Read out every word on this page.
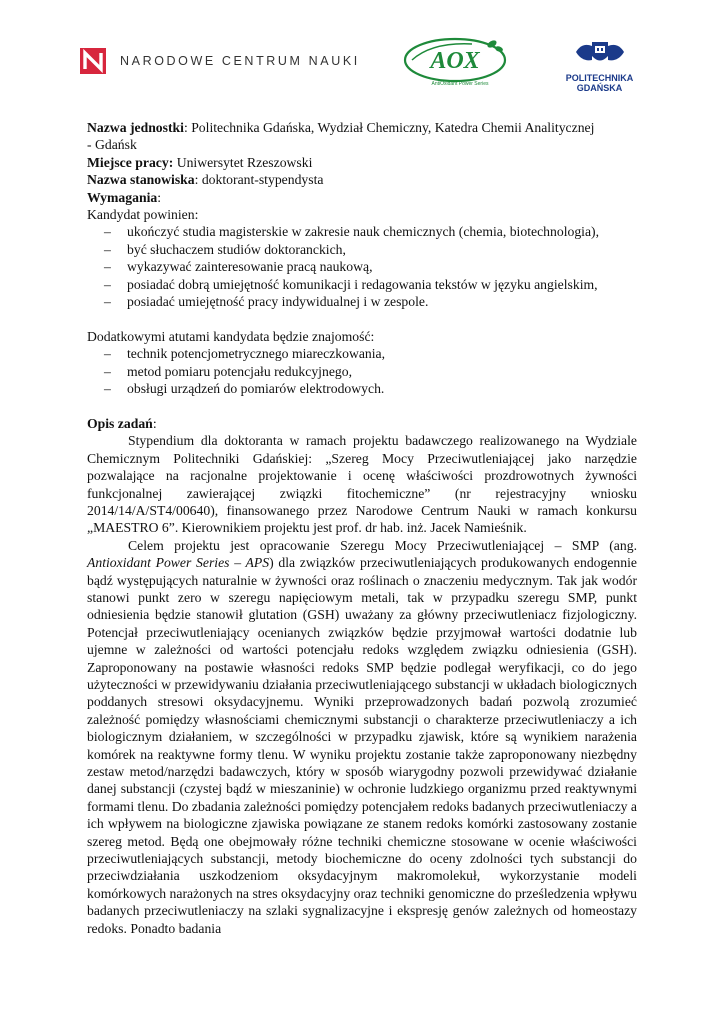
NARODOWE CENTRUM NAUKI	AOX
AntiOxidant Power Series
POLITECHNIKA
GDAŃSKA

Nazwa jednostki: Politechnika Gdańska, Wydział Chemiczny, Katedra Chemii Analitycznej

- Gdańsk

Miejsce pracy: Uniwersytet Rzeszowski

Nazwa stanowiska: doktorant-stypendysta

Wymagania:

Kandydat powinien:

– ukończyć studia magisterskie w zakresie nauk chemicznych (chemia, biotechnologia),
– być słuchaczem studiów doktoranckich,
– wykazywać zainteresowanie pracą naukową,
– posiadać dobrą umiejętność komunikacji i redagowania tekstów w języku angielskim,
– posiadać umiejętność pracy indywidualnej i w zespole.

Dodatkowymi atutami kandydata będzie znajomość:

– technik potencjometrycznego miareczkowania,
– metod pomiaru potencjału redukcyjnego,
– obsługi urządzeń do pomiarów elektrodowych.

Opis zadań:

Stypendium dla doktoranta w ramach projektu badawczego realizowanego na Wydziale Chemicznym Politechniki Gdańskiej: „Szereg Mocy Przeciwutleniającej jako narzędzie pozwalające na racjonalne projektowanie i ocenę właściwości prozdrowotnych żywności funkcjonalnej zawierającej związki fitochemiczne” (nr rejestracyjny wniosku 2014/14/A/ST4/00640), finansowanego przez Narodowe Centrum Nauki w ramach konkursu „MAESTRO 6”. Kierownikiem projektu jest prof. dr hab. inż. Jacek Namieśnik.

Celem projektu jest opracowanie Szeregu Mocy Przeciwutleniającej – SMP (ang. Antioxidant Power Series – APS) dla związków przeciwutleniających produkowanych endogennie bądź występujących naturalnie w żywności oraz roślinach o znaczeniu medycznym. Tak jak wodór stanowi punkt zero w szeregu napięciowym metali, tak w przypadku szeregu SMP, punkt odniesienia będzie stanowił glutation (GSH) uważany za główny przeciwutleniacz fizjologiczny. Potencjał przeciwutleniający ocenianych związków będzie przyjmował wartości dodatnie lub ujemne w zależności od wartości potencjału redoks względem związku odniesienia (GSH). Zaproponowany na postawie własności redoks SMP będzie podlegał weryfikacji, co do jego użyteczności w przewidywaniu działania przeciwutleniającego substancji w układach biologicznych poddanych stresowi oksydacyjnemu. Wyniki przeprowadzonych badań pozwolą zrozumieć zależność pomiędzy własnościami chemicznymi substancji o charakterze przeciwutleniaczy a ich biologicznym działaniem, w szczególności w przypadku zjawisk, które są wynikiem narażenia komórek na reaktywne formy tlenu. W wyniku projektu zostanie także zaproponowany niezbędny zestaw metod/narzędzi badawczych, który w sposób wiarygodny pozwoli przewidywać działanie danej substancji (czystej bądź w mieszaninie) w ochronie ludzkiego organizmu przed reaktywnymi formami tlenu. Do zbadania zależności pomiędzy potencjałem redoks badanych przeciwutleniaczy a ich wpływem na biologiczne zjawiska powiązane ze stanem redoks komórki zastosowany zostanie szereg metod. Będą one obejmowały różne techniki chemiczne stosowane w ocenie właściwości przeciwutleniających substancji, metody biochemiczne do oceny zdolności tych substancji do przeciwdziałania uszkodzeniom oksydacyjnym makromolekuł, wykorzystanie modeli komórkowych narażonych na stres oksydacyjny oraz techniki genomiczne do prześledzenia wpływu badanych przeciwutleniaczy na szlaki sygnalizacyjne i ekspresję genów zależnych od homeostazy redoks. Ponadto badania
